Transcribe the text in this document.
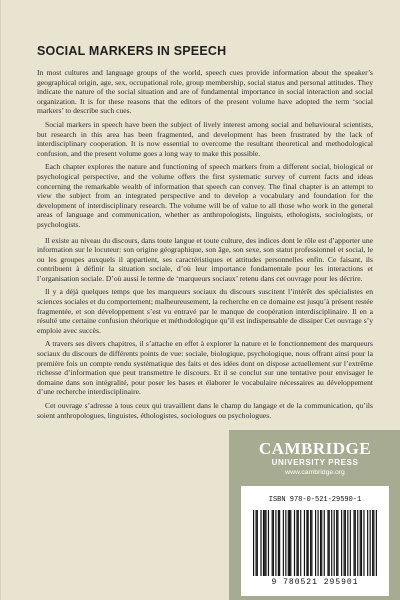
SOCIAL MARKERS IN SPEECH

In most cultures and language groups of the world, speech cues provide information about the speaker’s geographical origin, age, sex, occupational role, group membership, social status and personal attitudes. They indicate the nature of the social situation and are of fundamental importance in social interaction and social organization. It is for these reasons that the editors of the present volume have adopted the term ‘social markers’ to describe such cues.

Social markers in speech have been the subject of lively interest among social and behavioural scientists, but research in this area has been fragmented, and development has been frustrated by the lack of interdisciplinary cooperation. It is now essential to overcome the resultant theoretical and methodological confusion, and the present volume goes a long way to make this possible.

Each chapter explores the nature and functioning of speech markers from a different social, biological or psychological perspective, and the volume offers the first systematic survey of current facts and ideas concerning the remarkable wealth of information that speech can convey. The final chapter is an attempt to view the subject from an integrated perspective and to develop a vocabulary and foundation for the development of interdisciplinary research. The volume will be of value to all those who work in the general areas of language and communication, whether as anthropologists, linguists, ethologists, sociologists, or psychologists.

Il existe au niveau du discours, dans toute langue et toute culture, des indices dont le rôle est d’apporter une information sur le locuteur: son origine géographique, son âge, son sexe, son statut professionnel et social, le ou les groupes auxquels il appartient, ses caractéristiques et attitudes personnelles enfin. Ce faisant, ils contribuent à définir la situation sociale, d’où leur importance fondamentale pour les interactions et l’organisation sociale. D’où aussi le terme de ‘marqueurs sociaux’ retenu dans cet ouvrage pour les décrire.

Il y a déjà quelques temps que les marqueurs sociaux du discours suscitent l’intérêt des spécialistes en sciences sociales et du comportement; malheureusement, la recherche en ce domaine est jusqu’à présent restée fragmentée, et son développement s’est vu entravé par le manque de coopération interdisciplinaire. Il en a résulté une certaine confusion théorique et méthodologique qu’il est indispensable de dissiper Cet ouvrage s’y emploie avec succès.

A travers ses divers chapitres, il s’attache en effet à explorer la nature et le fonctionnement des marqueurs sociaux du discours de différents points de vue: sociale, biologique, psychologique, nous offrant ainsi pour la première fois un compte rendu systématique des faits et des idées dont on dispose actuellement sur l’extrême richesse d’information que peut transmettre le discours. Et il se conclut sur une tentative pour envisager le domaine dans son intégralité, pour poser les bases et élaborer le vocabulaire nécessaires au développement d’une recherche interdisciplinaire.

Cet ouvrage s’adresse à tous ceux qui travaillent dans le champ du langage et de la communication, qu’ils soient anthropologues, linguistes, éthologistes, sociologues ou psychologues.

CAMBRIDGE
UNIVERSITY PRESS
www.cambridge.org
ISBN 978-0-521-29590-1
9 780521 295901
